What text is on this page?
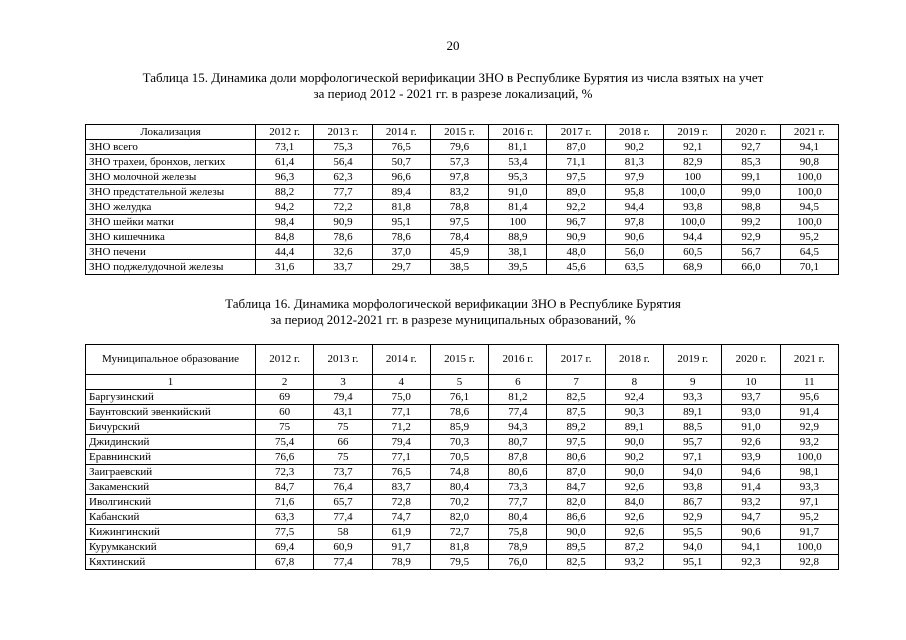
20
Таблица 15. Динамика доли морфологической верификации ЗНО в Республике Бурятия из числа взятых на учет
за период 2012 - 2021 гг. в разрезе локализаций, %
Локализация	2012 г.	2013 г.	2014 г.	2015 г.	2016 г.	2017 г.	2018 г.	2019 г.	2020 г.	2021 г.
ЗНО всего	73,1	75,3	76,5	79,6	81,1	87,0	90,2	92,1	92,7	94,1
ЗНО трахеи, бронхов, легких	61,4	56,4	50,7	57,3	53,4	71,1	81,3	82,9	85,3	90,8
ЗНО молочной железы	96,3	62,3	96,6	97,8	95,3	97,5	97,9	100	99,1	100,0
ЗНО предстательной железы	88,2	77,7	89,4	83,2	91,0	89,0	95,8	100,0	99,0	100,0
ЗНО желудка	94,2	72,2	81,8	78,8	81,4	92,2	94,4	93,8	98,8	94,5
ЗНО шейки матки	98,4	90,9	95,1	97,5	100	96,7	97,8	100,0	99,2	100,0
ЗНО кишечника	84,8	78,6	78,6	78,4	88,9	90,9	90,6	94,4	92,9	95,2
ЗНО печени	44,4	32,6	37,0	45,9	38,1	48,0	56,0	60,5	56,7	64,5
ЗНО поджелудочной железы	31,6	33,7	29,7	38,5	39,5	45,6	63,5	68,9	66,0	70,1
Таблица 16. Динамика морфологической верификации ЗНО в Республике Бурятия
за период 2012-2021 гг. в разрезе муниципальных образований, %
Муниципальное образование	2012 г.	2013 г.	2014 г.	2015 г.	2016 г.	2017 г.	2018 г.	2019 г.	2020 г.	2021 г.
1	2	3	4	5	6	7	8	9	10	11
Баргузинский	69	79,4	75,0	76,1	81,2	82,5	92,4	93,3	93,7	95,6
Баунтовский эвенкийский	60	43,1	77,1	78,6	77,4	87,5	90,3	89,1	93,0	91,4
Бичурский	75	75	71,2	85,9	94,3	89,2	89,1	88,5	91,0	92,9
Джидинский	75,4	66	79,4	70,3	80,7	97,5	90,0	95,7	92,6	93,2
Еравнинский	76,6	75	77,1	70,5	87,8	80,6	90,2	97,1	93,9	100,0
Заиграевский	72,3	73,7	76,5	74,8	80,6	87,0	90,0	94,0	94,6	98,1
Закаменский	84,7	76,4	83,7	80,4	73,3	84,7	92,6	93,8	91,4	93,3
Иволгинский	71,6	65,7	72,8	70,2	77,7	82,0	84,0	86,7	93,2	97,1
Кабанский	63,3	77,4	74,7	82,0	80,4	86,6	92,6	92,9	94,7	95,2
Кижингинский	77,5	58	61,9	72,7	75,8	90,0	92,6	95,5	90,6	91,7
Курумканский	69,4	60,9	91,7	81,8	78,9	89,5	87,2	94,0	94,1	100,0
Кяхтинский	67,8	77,4	78,9	79,5	76,0	82,5	93,2	95,1	92,3	92,8
